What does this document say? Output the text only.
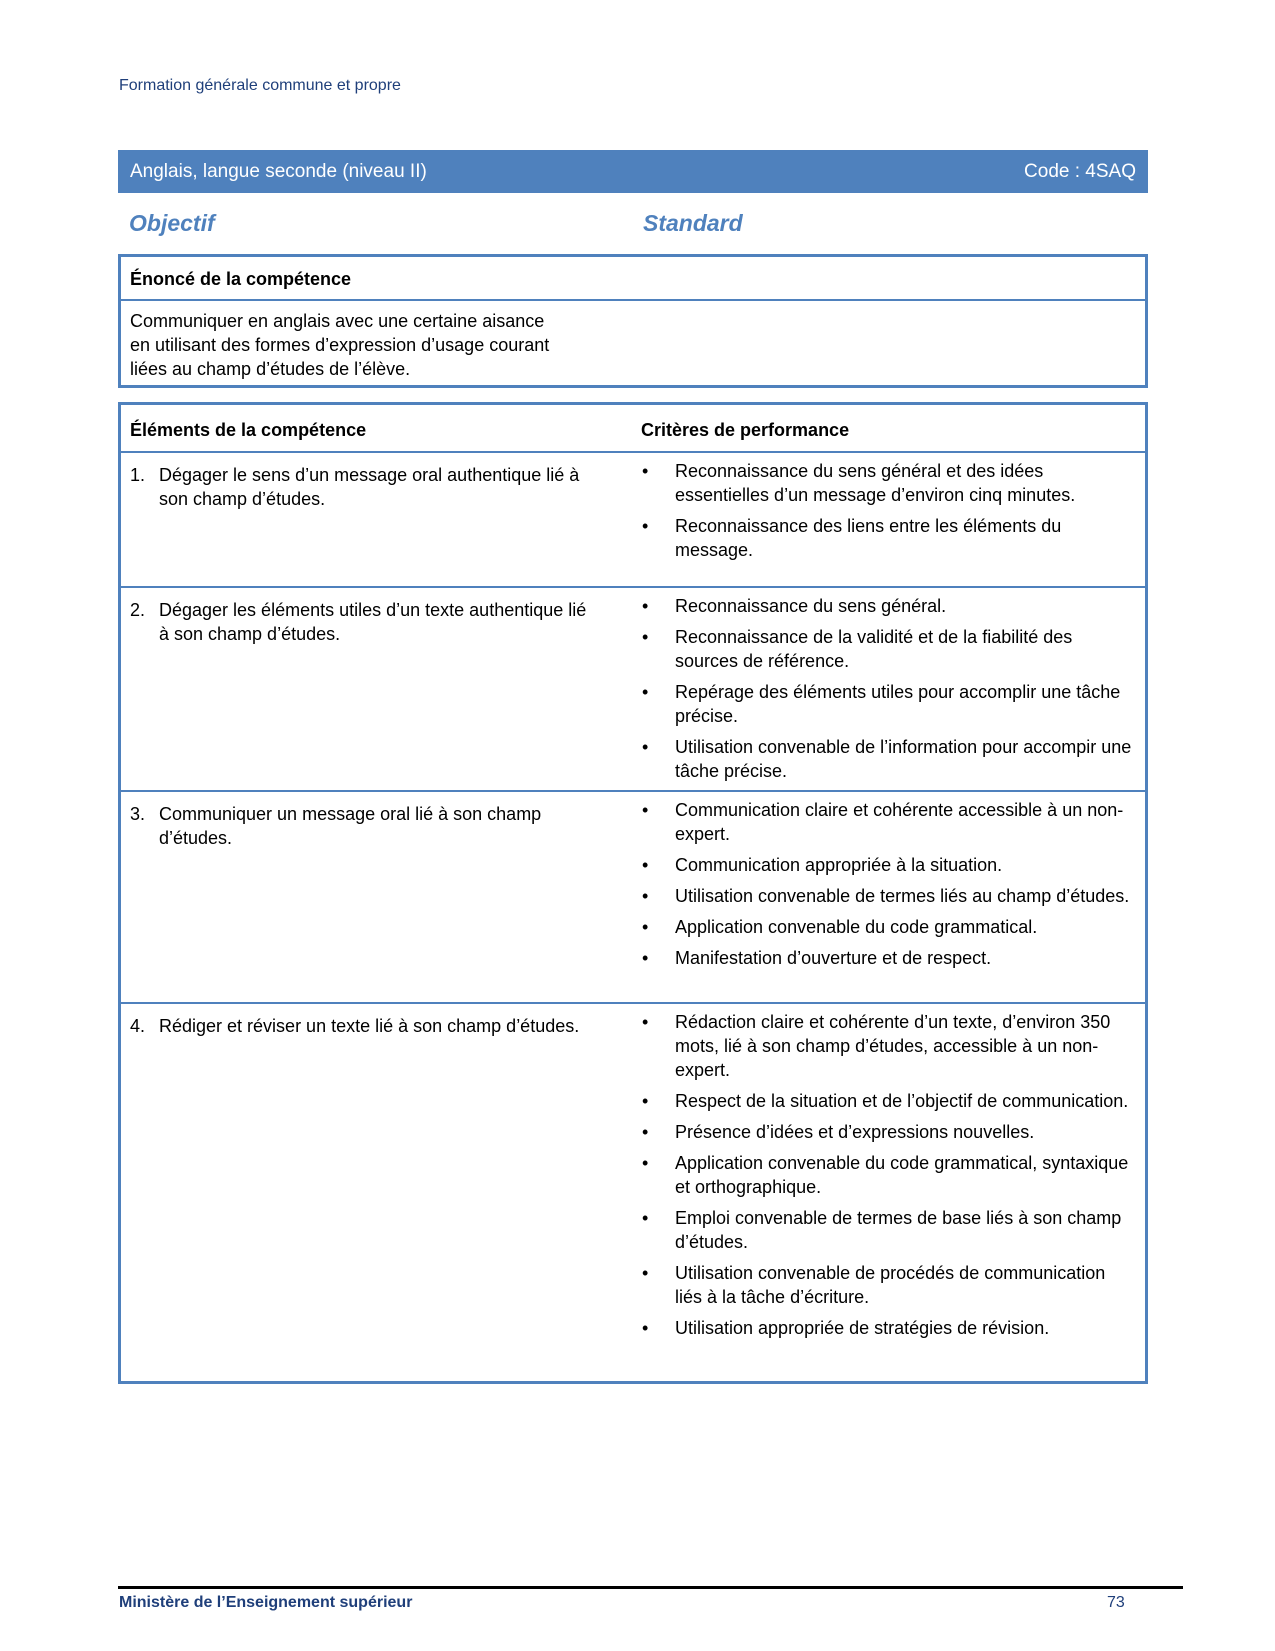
Formation générale commune et propre
Anglais, langue seconde (niveau II)	Code : 4SAQ
Objectif	Standard
Énoncé de la compétence
Communiquer en anglais avec une certaine aisance
en utilisant des formes d’expression d’usage courant
liées au champ d’études de l’élève.
Éléments de la compétence	Critères de performance
1. Dégager le sens d’un message oral authentique lié à son champ d’études.
• Reconnaissance du sens général et des idées essentielles d’un message d’environ cinq minutes.
• Reconnaissance des liens entre les éléments du message.
2. Dégager les éléments utiles d’un texte authentique lié à son champ d’études.
• Reconnaissance du sens général.
• Reconnaissance de la validité et de la fiabilité des sources de référence.
• Repérage des éléments utiles pour accomplir une tâche précise.
• Utilisation convenable de l’information pour accompir une tâche précise.
3. Communiquer un message oral lié à son champ d’études.
• Communication claire et cohérente accessible à un non-expert.
• Communication appropriée à la situation.
• Utilisation convenable de termes liés au champ d’études.
• Application convenable du code grammatical.
• Manifestation d’ouverture et de respect.
4. Rédiger et réviser un texte lié à son champ d’études.	• Rédaction claire et cohérente d’un texte, d’environ 350 mots, lié à son champ d’études, accessible à un non-expert.
• Respect de la situation et de l’objectif de communication.
• Présence d’idées et d’expressions nouvelles.
• Application convenable du code grammatical, syntaxique et orthographique.
• Emploi convenable de termes de base liés à son champ d’études.
• Utilisation convenable de procédés de communication liés à la tâche d’écriture.
• Utilisation appropriée de stratégies de révision.
Ministère de l’Enseignement supérieur	73
